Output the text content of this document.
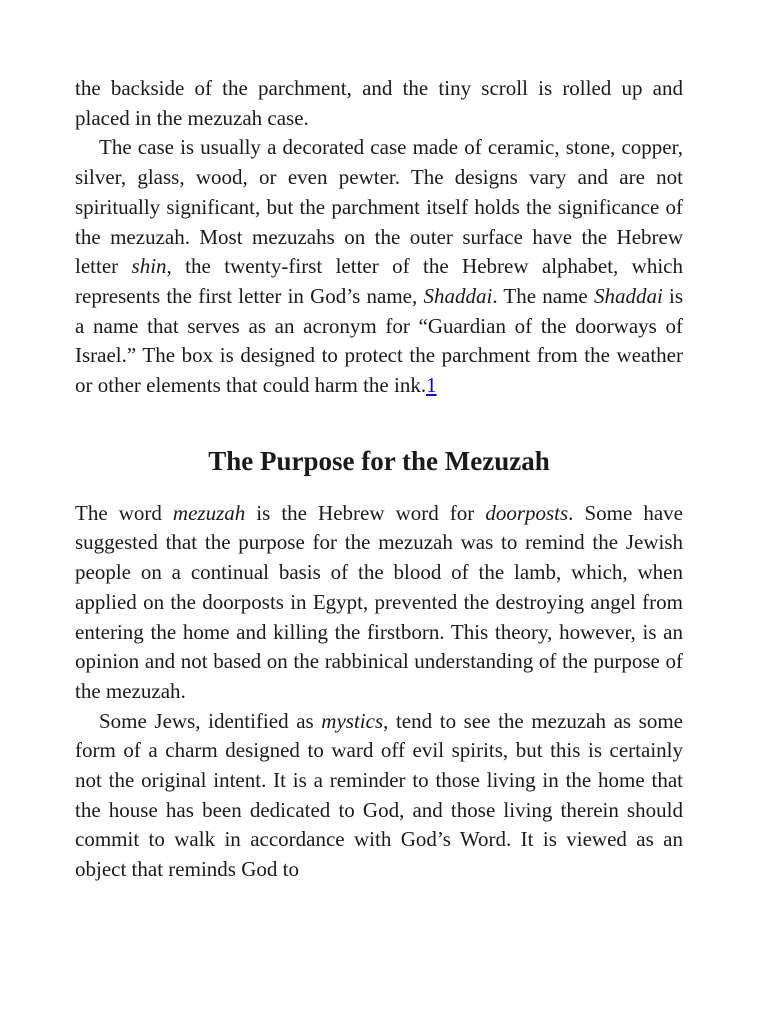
the backside of the parchment, and the tiny scroll is rolled up and placed in the mezuzah case.

The case is usually a decorated case made of ceramic, stone, copper, silver, glass, wood, or even pewter. The designs vary and are not spiritually significant, but the parchment itself holds the significance of the mezuzah. Most mezuzahs on the outer surface have the Hebrew letter shin, the twenty-first letter of the Hebrew alphabet, which represents the first letter in God’s name, Shaddai. The name Shaddai is a name that serves as an acronym for “Guardian of the doorways of Israel.” The box is designed to protect the parchment from the weather or other elements that could harm the ink.1

The Purpose for the Mezuzah

The word mezuzah is the Hebrew word for doorposts. Some have suggested that the purpose for the mezuzah was to remind the Jewish people on a continual basis of the blood of the lamb, which, when applied on the doorposts in Egypt, prevented the destroying angel from entering the home and killing the firstborn. This theory, however, is an opinion and not based on the rabbinical understanding of the purpose of the mezuzah.

Some Jews, identified as mystics, tend to see the mezuzah as some form of a charm designed to ward off evil spirits, but this is certainly not the original intent. It is a reminder to those living in the home that the house has been dedicated to God, and those living therein should commit to walk in accordance with God’s Word. It is viewed as an object that reminds God to
